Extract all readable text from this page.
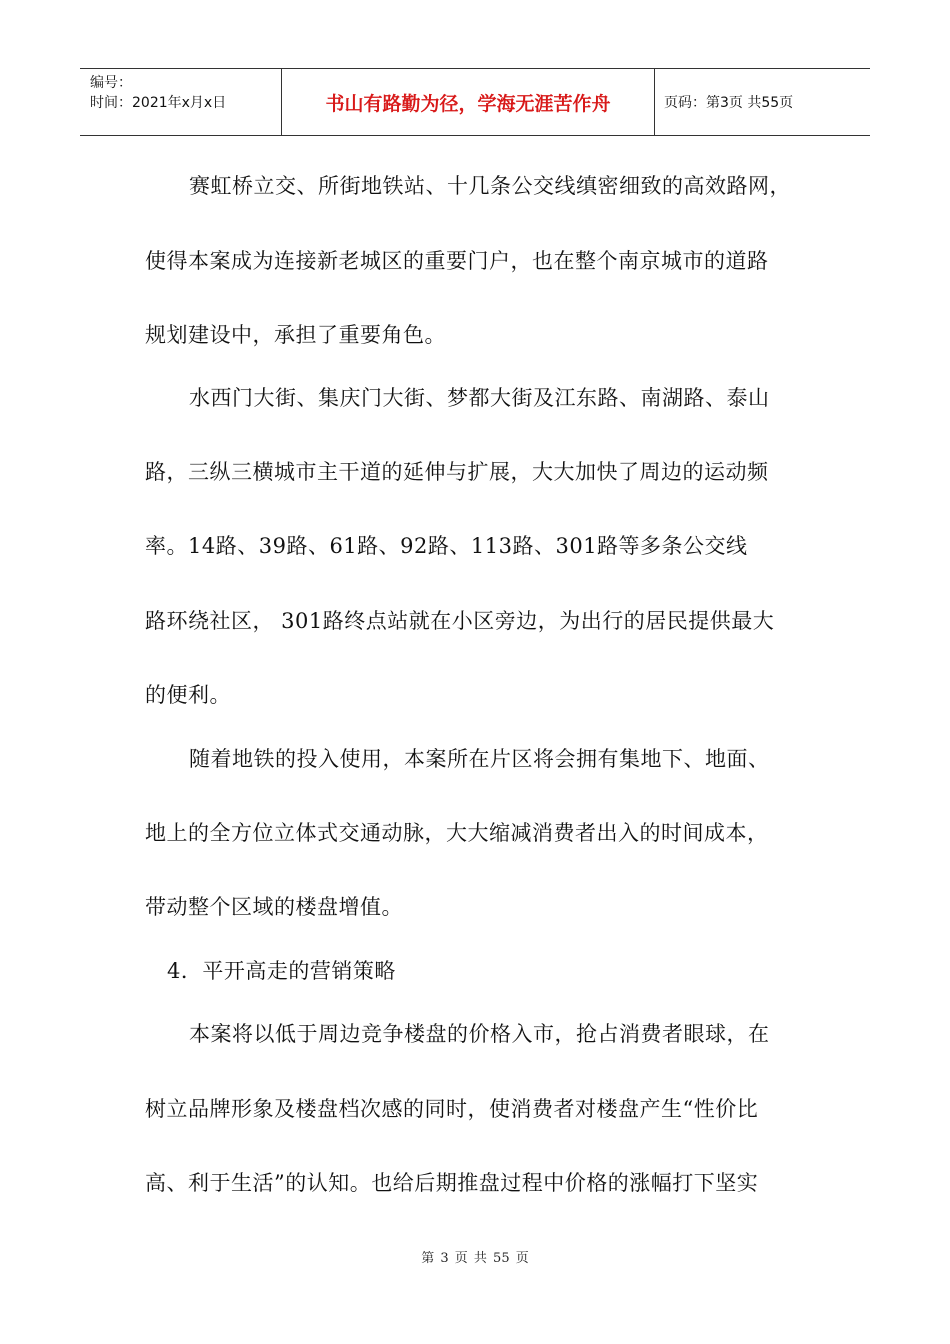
编号：
时间：2021年x月x日	书山有路勤为径，学海无涯苦作舟	页码：第3页 共55页
赛虹桥立交、所街地铁站、十几条公交线缜密细致的高效路网，
使得本案成为连接新老城区的重要门户，也在整个南京城市的道路
规划建设中，承担了重要角色。
水西门大街、集庆门大街、梦都大街及江东路、南湖路、泰山
路，三纵三横城市主干道的延伸与扩展，大大加快了周边的运动频
率。14路、39路、61路、92路、113路、301路等多条公交线
路环绕社区， 301路终点站就在小区旁边，为出行的居民提供最大
的便利。
随着地铁的投入使用，本案所在片区将会拥有集地下、地面、
地上的全方位立体式交通动脉，大大缩减消费者出入的时间成本，
带动整个区域的楼盘增值。
4．平开高走的营销策略
本案将以低于周边竞争楼盘的价格入市，抢占消费者眼球，在
树立品牌形象及楼盘档次感的同时，使消费者对楼盘产生“性价比
高、利于生活”的认知。也给后期推盘过程中价格的涨幅打下坚实
第 3 页 共 55 页
